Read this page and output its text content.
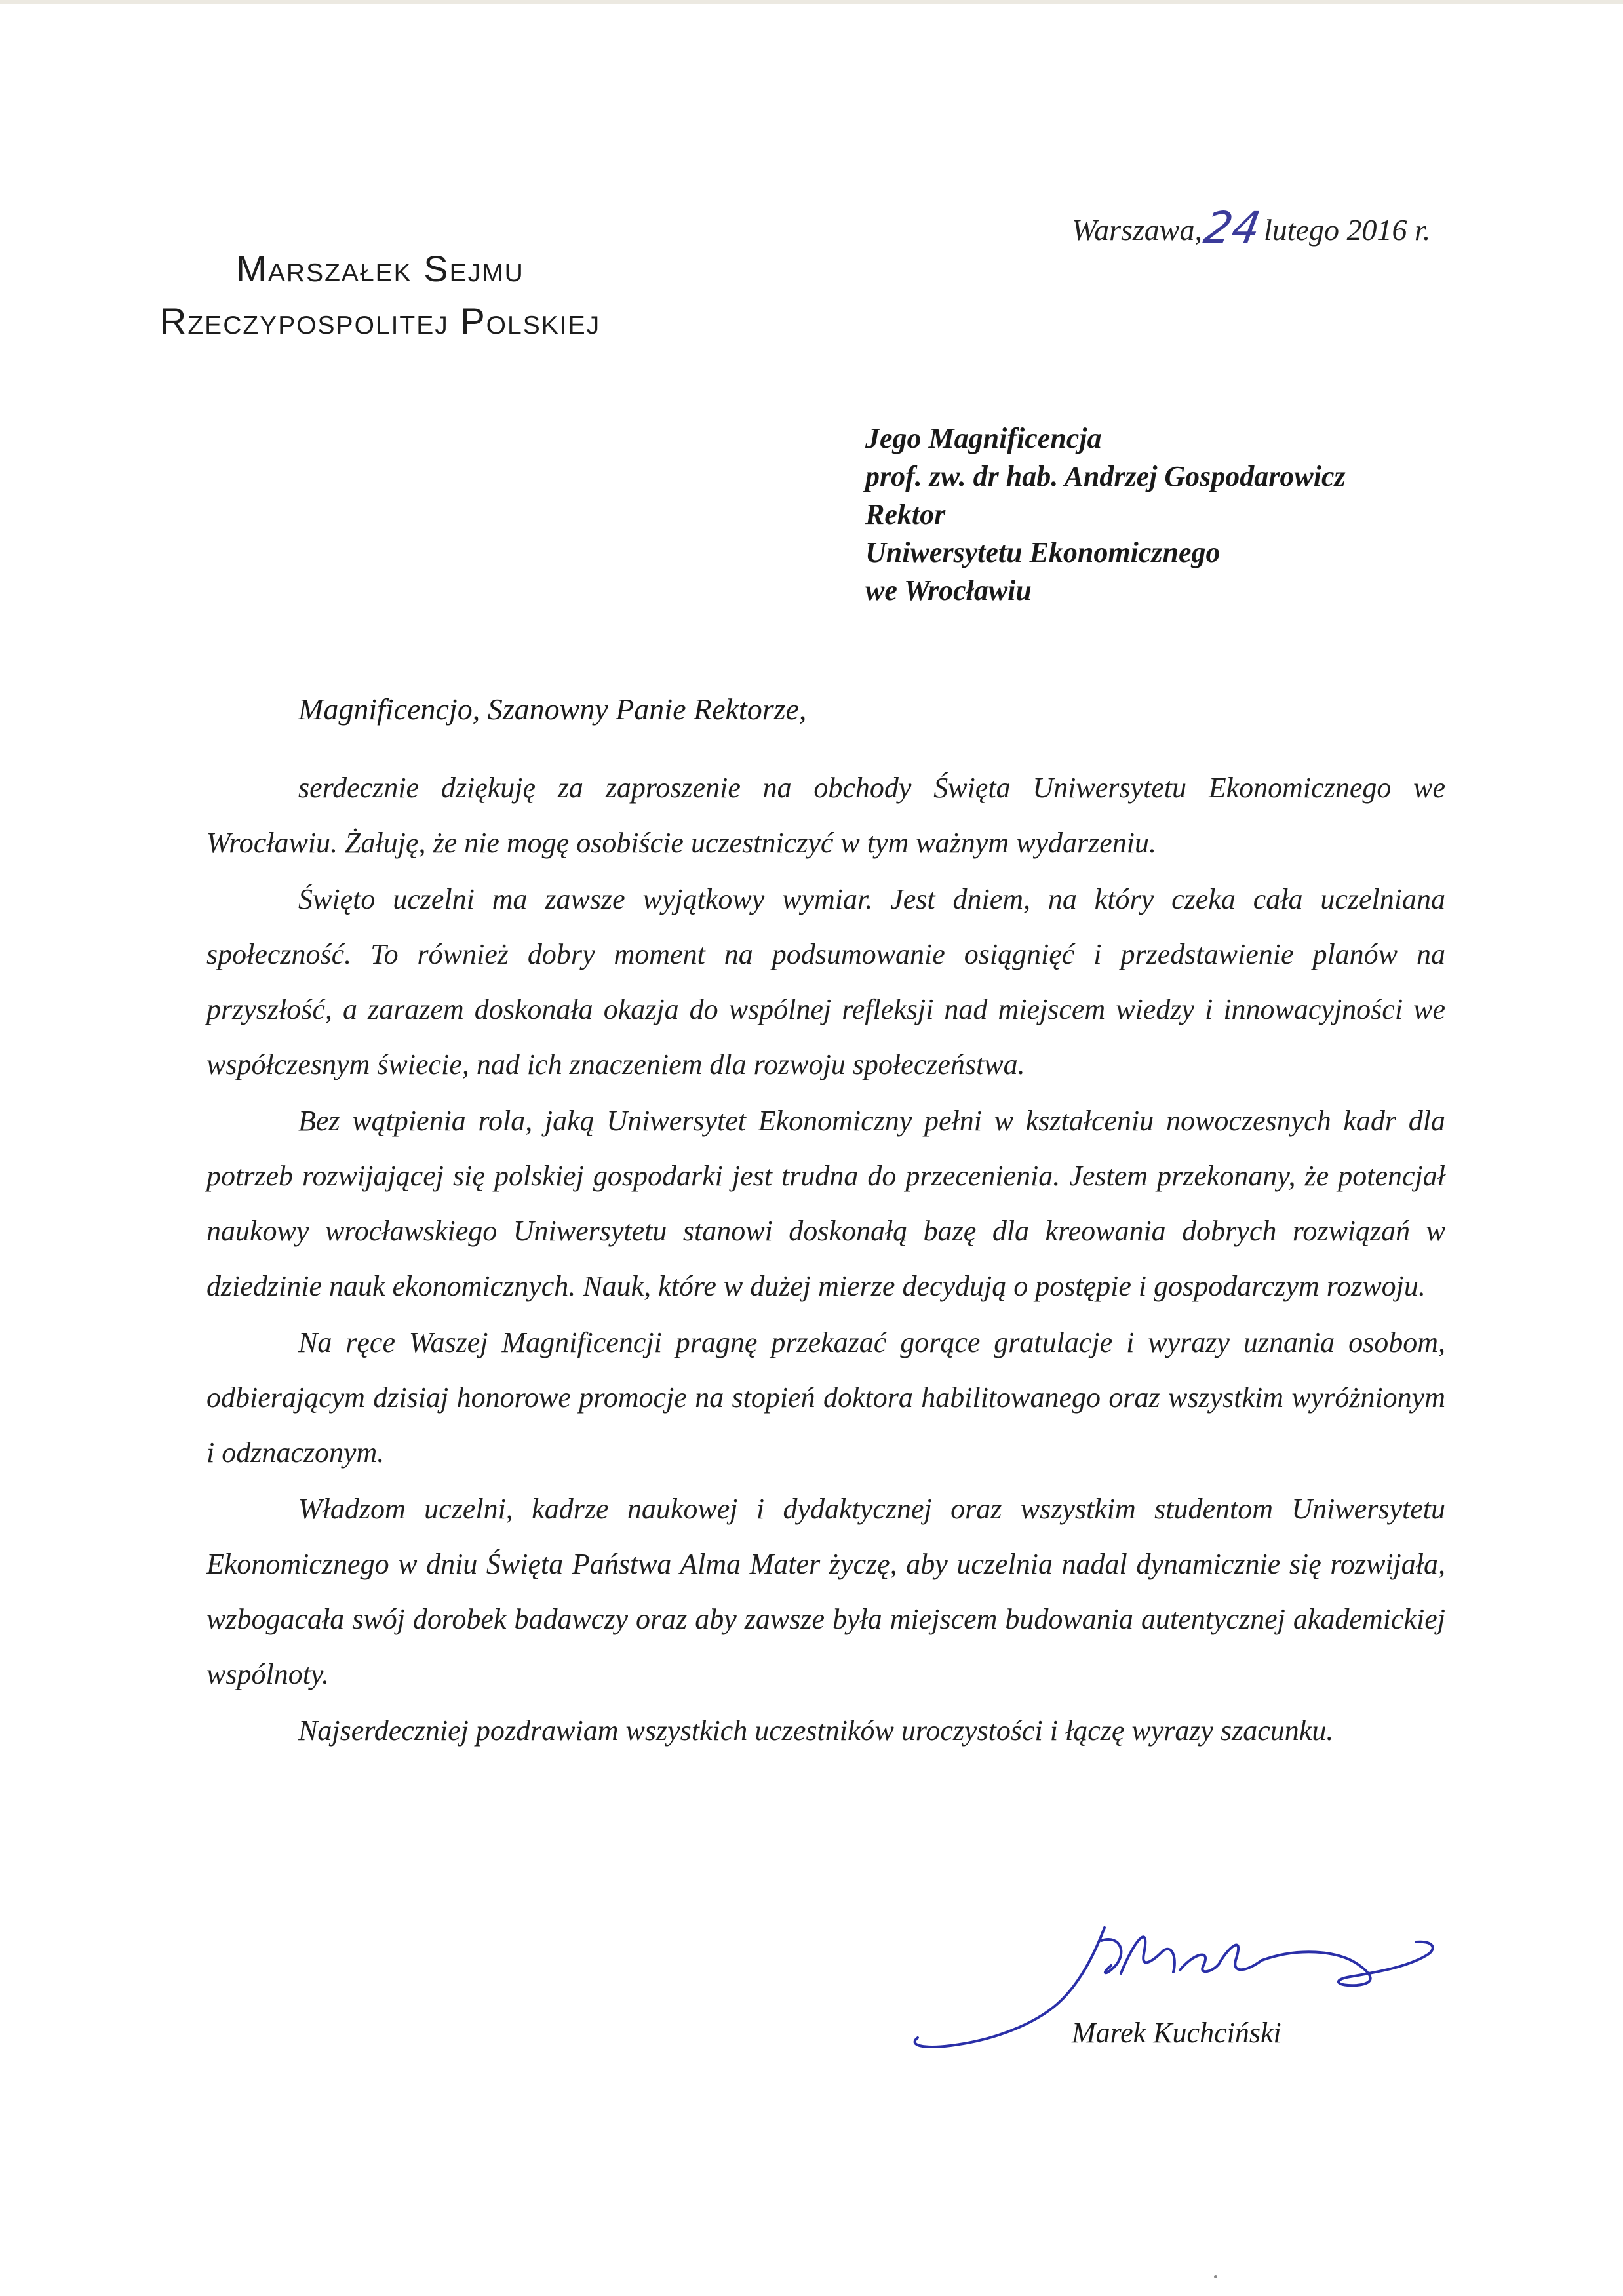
Marszałek Sejmu
Rzeczypospolitej Polskiej
Warszawa,24lutego 2016 r.
Jego Magnificencja
prof. zw. dr hab. Andrzej Gospodarowicz
Rektor
Uniwersytetu Ekonomicznego
we Wrocławiu
Magnificencjo, Szanowny Panie Rektorze,

serdecznie dziękuję za zaproszenie na obchody Święta Uniwersytetu Ekonomicznego we Wrocławiu. Żałuję, że nie mogę osobiście uczestniczyć w tym ważnym wydarzeniu.

Święto uczelni ma zawsze wyjątkowy wymiar. Jest dniem, na który czeka cała uczelniana społeczność. To również dobry moment na podsumowanie osiągnięć i przedstawienie planów na przyszłość, a zarazem doskonała okazja do wspólnej refleksji nad miejscem wiedzy i innowacyjności we współczesnym świecie, nad ich znaczeniem dla rozwoju społeczeństwa.

Bez wątpienia rola, jaką Uniwersytet Ekonomiczny pełni w kształceniu nowoczesnych kadr dla potrzeb rozwijającej się polskiej gospodarki jest trudna do przecenienia. Jestem przekonany, że potencjał naukowy wrocławskiego Uniwersytetu stanowi doskonałą bazę dla kreowania dobrych rozwiązań w dziedzinie nauk ekonomicznych. Nauk, które w dużej mierze decydują o postępie i gospodarczym rozwoju.

Na ręce Waszej Magnificencji pragnę przekazać gorące gratulacje i wyrazy uznania osobom, odbierającym dzisiaj honorowe promocje na stopień doktora habilitowanego oraz wszystkim wyróżnionym i odznaczonym.

Władzom uczelni, kadrze naukowej i dydaktycznej oraz wszystkim studentom Uniwersytetu Ekonomicznego w dniu Święta Państwa Alma Mater życzę, aby uczelnia nadal dynamicznie się rozwijała, wzbogacała swój dorobek badawczy oraz aby zawsze była miejscem budowania autentycznej akademickiej wspólnoty.

Najserdeczniej pozdrawiam wszystkich uczestników uroczystości i łączę wyrazy szacunku.

Marek Kuchciński
